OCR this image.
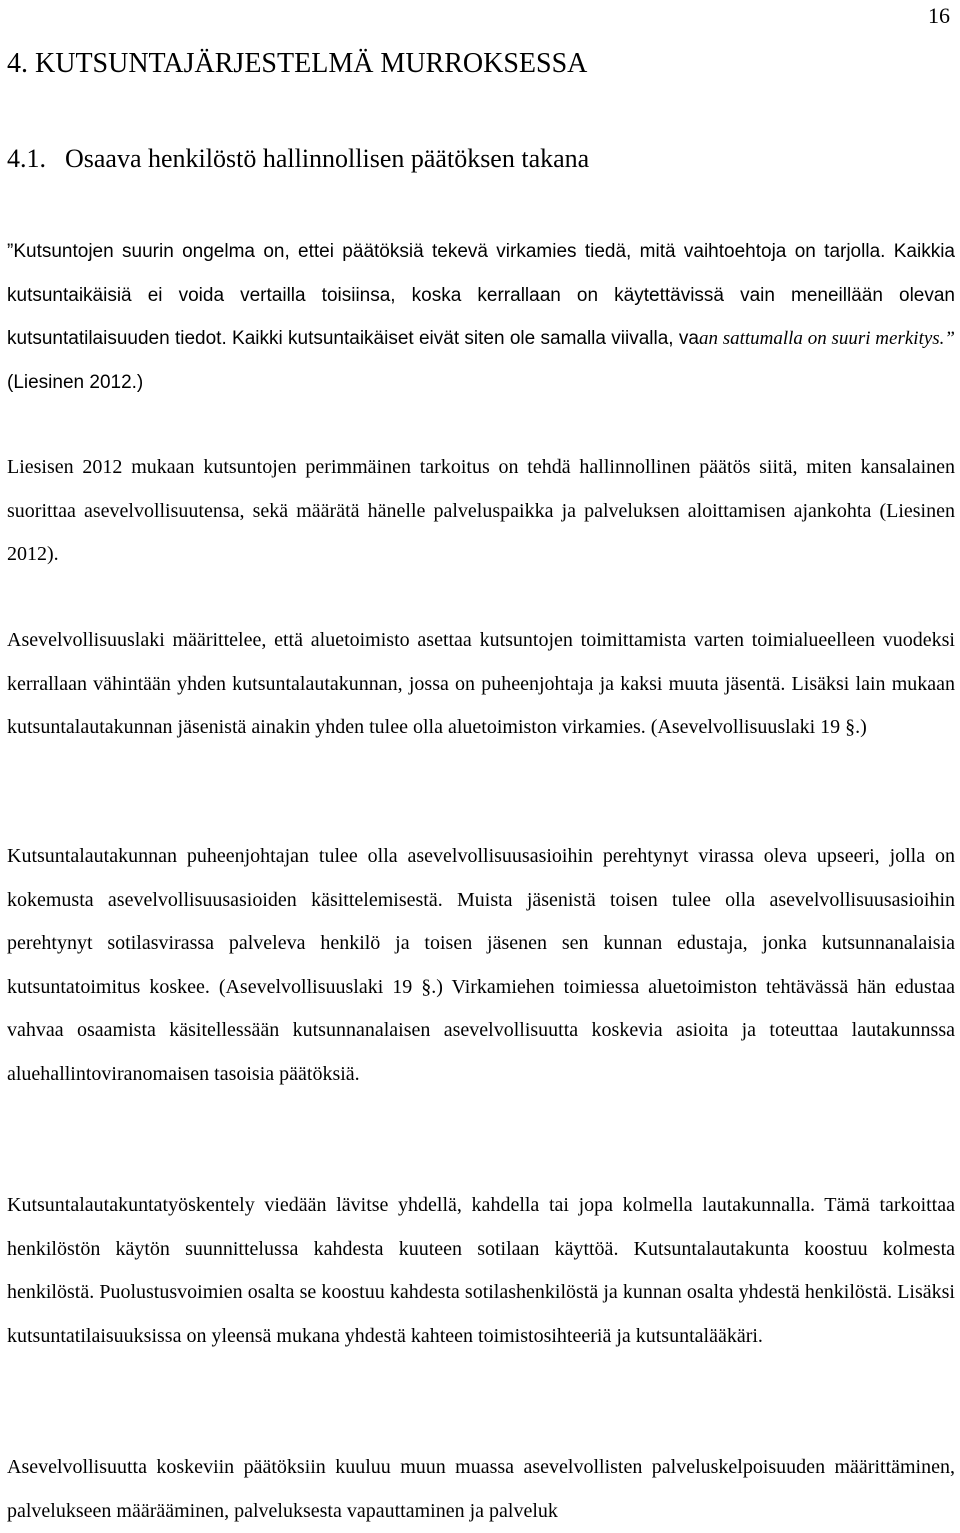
16
4. KUTSUNTAJÄRJESTELMÄ MURROKSESSA
4.1. Osaava henkilöstö hallinnollisen päätöksen takana

”Kutsuntojen suurin ongelma on, ettei päätöksiä tekevä virkamies tiedä, mitä vaihtoehtoja on tarjolla. Kaikkia kutsuntaikäisiä ei voida vertailla toisiinsa, koska kerrallaan on käytettävissä vain meneillään olevan kutsuntatilaisuuden tiedot. Kaikki kutsuntaikäiset eivät siten ole samalla viivalla, vaan sattumalla on suuri merkitys.” (Liesinen 2012.)

Liesisen 2012 mukaan kutsuntojen perimmäinen tarkoitus on tehdä hallinnollinen päätös siitä, miten kansalainen suorittaa asevelvollisuutensa, sekä määrätä hänelle palveluspaikka ja palveluksen aloittamisen ajankohta (Liesinen 2012).

Asevelvollisuuslaki määrittelee, että aluetoimisto asettaa kutsuntojen toimittamista varten toimialueelleen vuodeksi kerrallaan vähintään yhden kutsuntalautakunnan, jossa on puheenjohtaja ja kaksi muuta jäsentä. Lisäksi lain mukaan kutsuntalautakunnan jäsenistä ainakin yhden tulee olla aluetoimiston virkamies. (Asevelvollisuuslaki 19 §.)

Kutsuntalautakunnan puheenjohtajan tulee olla asevelvollisuusasioihin perehtynyt virassa oleva upseeri, jolla on kokemusta asevelvollisuusasioiden käsittelemisestä. Muista jäsenistä toisen tulee olla asevelvollisuusasioihin perehtynyt sotilasvirassa palveleva henkilö ja toisen jäsenen sen kunnan edustaja, jonka kutsunnanalaisia kutsuntatoimitus koskee. (Asevelvollisuuslaki 19 §.) Virkamiehen toimiessa aluetoimiston tehtävässä hän edustaa vahvaa osaamista käsitellessään kutsunnanalaisen asevelvollisuutta koskevia asioita ja toteuttaa lautakunnssa aluehallintoviranomaisen tasoisia päätöksiä.

Kutsuntalautakuntatyöskentely viedään lävitse yhdellä, kahdella tai jopa kolmella lautakunnalla. Tämä tarkoittaa henkilöstön käytön suunnittelussa kahdesta kuuteen sotilaan käyttöä. Kutsuntalautakunta koostuu kolmesta henkilöstä. Puolustusvoimien osalta se koostuu kahdesta sotilashenkilöstä ja kunnan osalta yhdestä henkilöstä. Lisäksi kutsuntatilaisuuksissa on yleensä mukana yhdestä kahteen toimistosihteeriä ja kutsuntalääkäri.

Asevelvollisuutta koskeviin päätöksiin kuuluu muun muassa asevelvollisten palveluskelpoisuuden määrittäminen, palvelukseen määrääminen, palveluksesta vapauttaminen ja palveluk
